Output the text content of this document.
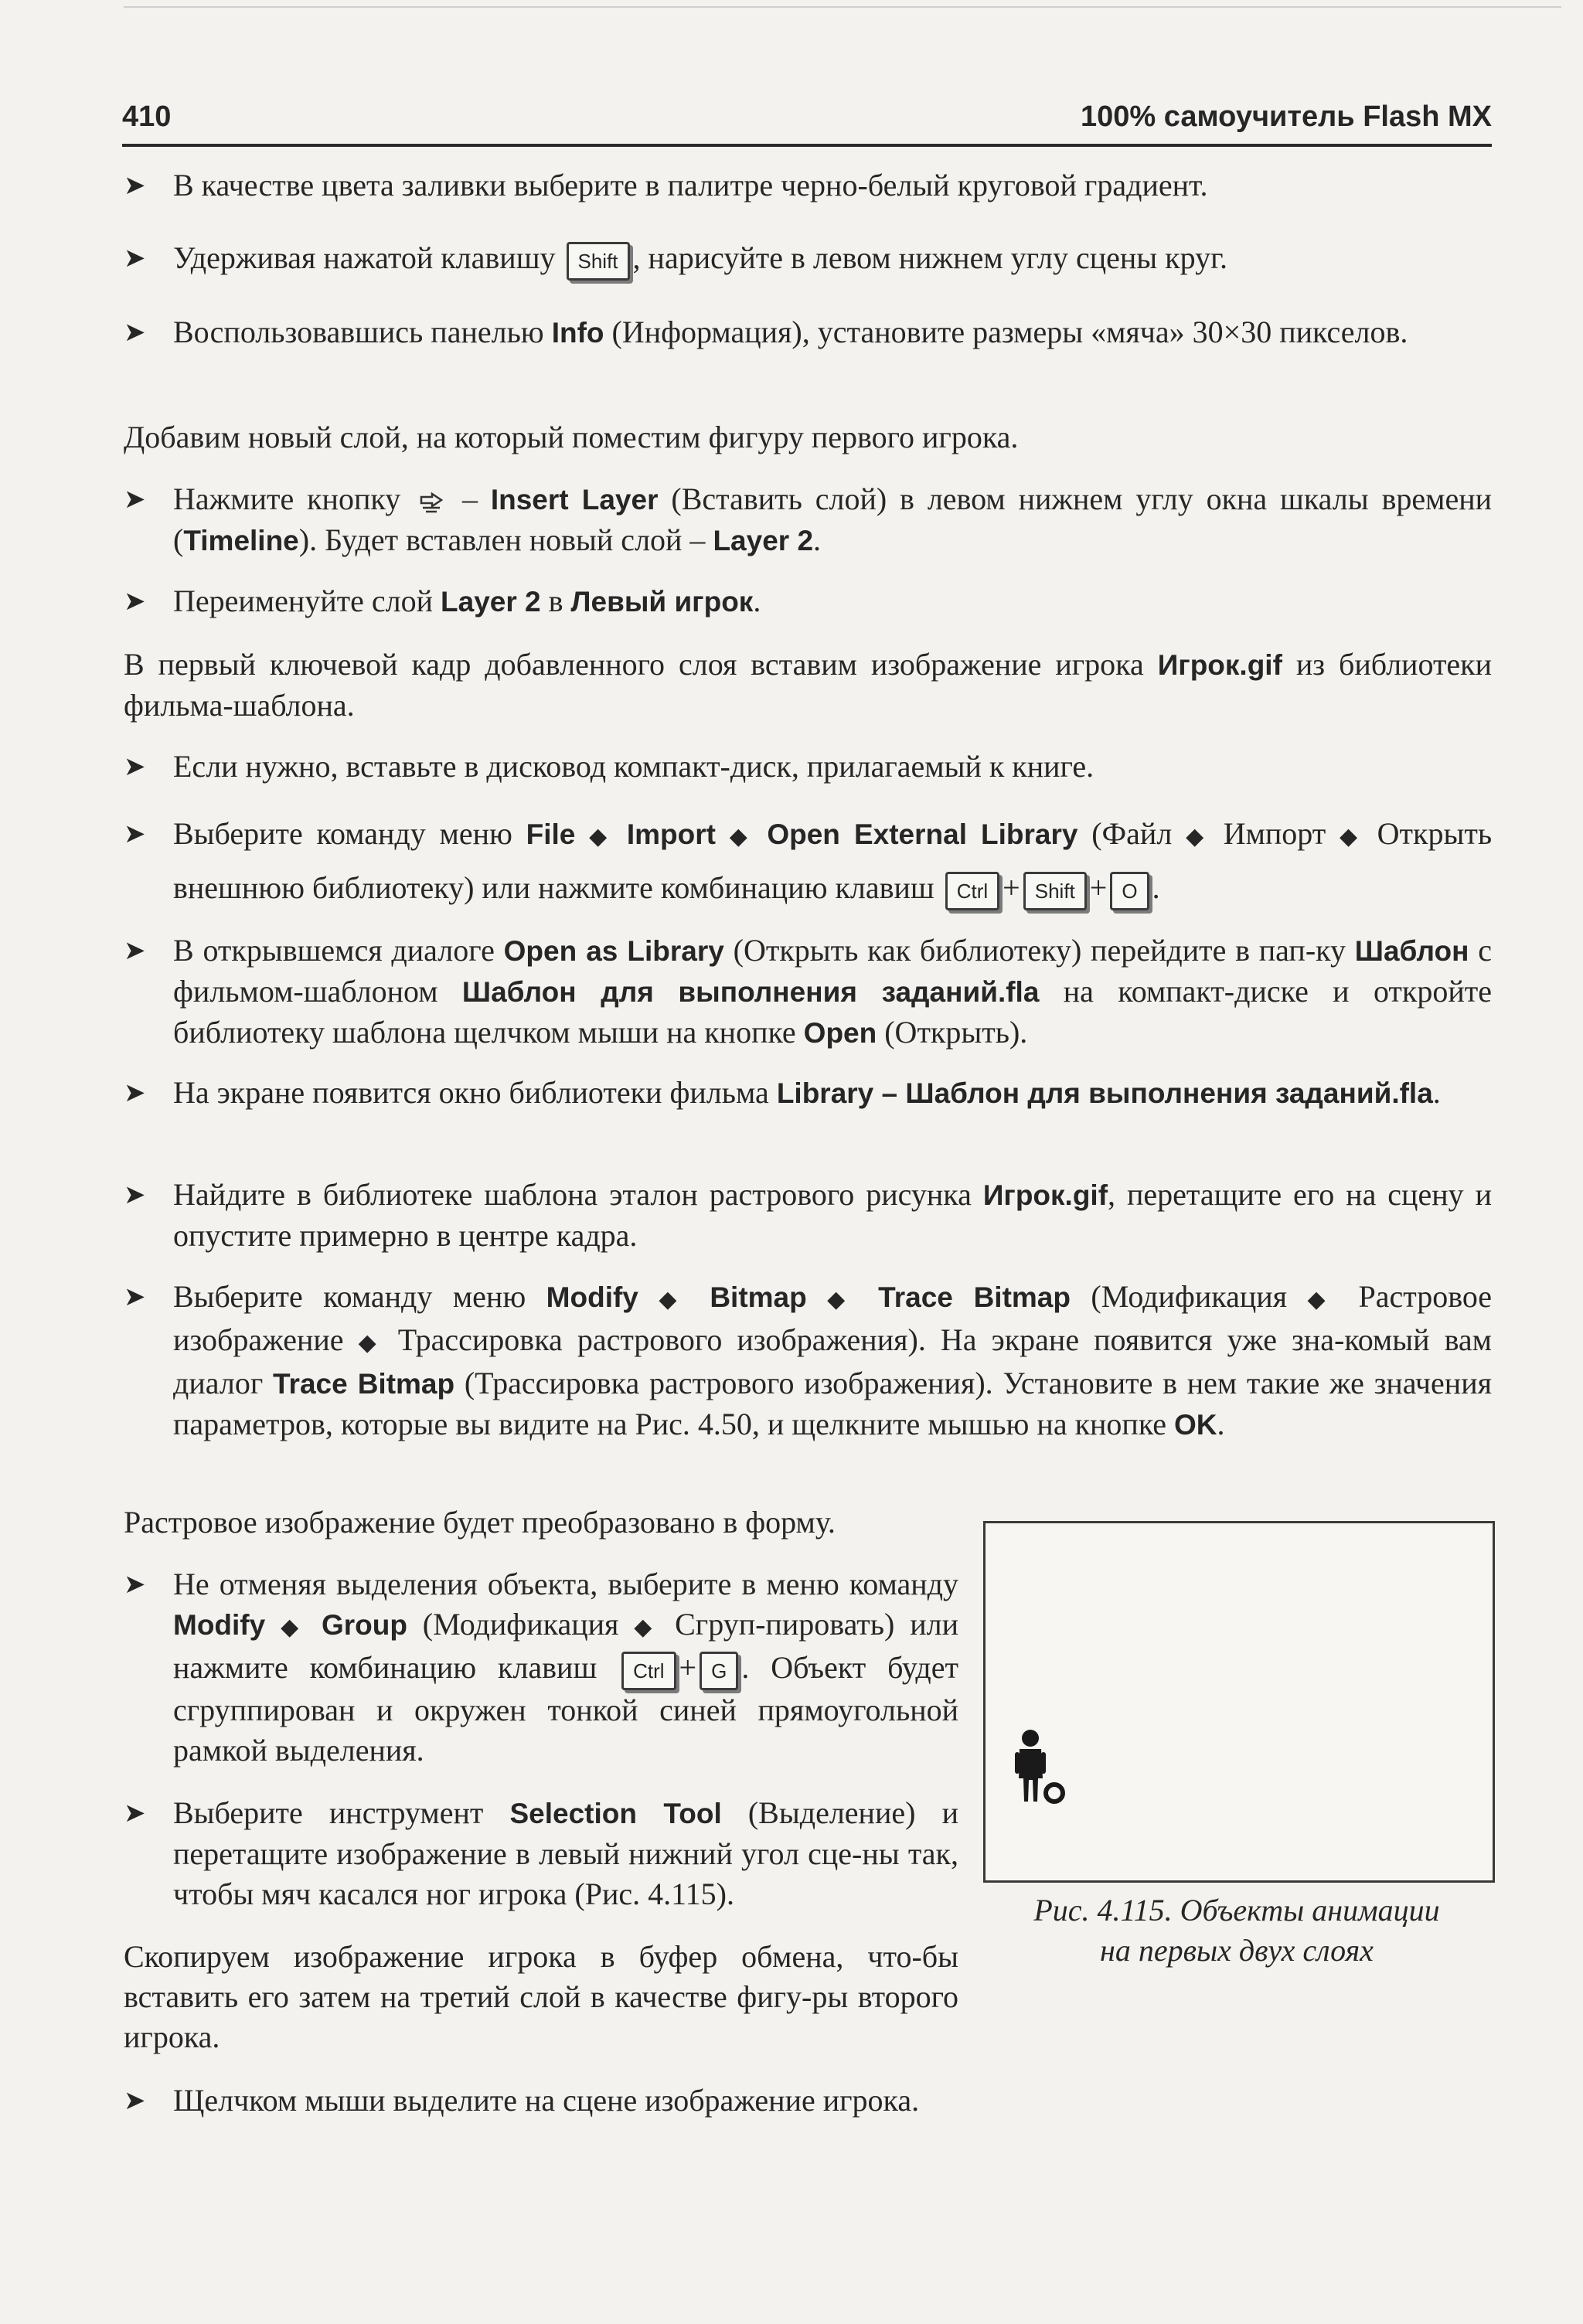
410	100% самоучитель Flash MX
➤ В качестве цвета заливки выберите в палитре черно-белый круговой градиент.
➤ Удерживая нажатой клавишу Shift , нарисуйте в левом нижнем углу сцены круг.
➤ Воспользовавшись панелью Info (Информация), установите размеры «мяча» 30×30 пикселов.
Добавим новый слой, на который поместим фигуру первого игрока.
➤ Нажмите кнопку – Insert Layer (Вставить слой) в левом нижнем углу окна шкалы времени (Timeline). Будет вставлен новый слой – Layer 2.
➤ Переименуйте слой Layer 2 в Левый игрок.
В первый ключевой кадр добавленного слоя вставим изображение игрока Игрок.gif из библиотеки фильма-шаблона.
➤ Если нужно, вставьте в дисковод компакт-диск, прилагаемый к книге.
➤ Выберите команду меню File ◆ Import ◆ Open External Library (Файл ◆ Импорт ◆ Открыть внешнюю библиотеку) или нажмите комбинацию клавиш Ctrl + Shift + O .
➤ В открывшемся диалоге Open as Library (Открыть как библиотеку) перейдите в пап-ку Шаблон с фильмом-шаблоном Шаблон для выполнения заданий.fla на компакт-диске и откройте библиотеку шаблона щелчком мыши на кнопке Open (Открыть).
➤ На экране появится окно библиотеки фильма Library – Шаблон для выполнения заданий.fla.
➤ Найдите в библиотеке шаблона эталон растрового рисунка Игрок.gif, перетащите его на сцену и опустите примерно в центре кадра.
➤ Выберите команду меню Modify ◆ Bitmap ◆ Trace Bitmap (Модификация ◆ Растровое изображение ◆ Трассировка растрового изображения). На экране появится уже зна-комый вам диалог Trace Bitmap (Трассировка растрового изображения). Установите в нем такие же значения параметров, которые вы видите на Рис. 4.50, и щелкните мышью на кнопке OK.
Растровое изображение будет преобразовано в форму.
➤ Не отменяя выделения объекта, выберите в меню команду Modify ◆ Group (Модификация ◆ Сгруп-пировать) или нажмите комбинацию клавиш Ctrl + G . Объект будет сгруппирован и окружен тонкой синей прямоугольной рамкой выделения.
➤ Выберите инструмент Selection Tool (Выделение) и перетащите изображение в левый нижний угол сце-ны так, чтобы мяч касался ног игрока (Рис. 4.115).
Скопируем изображение игрока в буфер обмена, что-бы вставить его затем на третий слой в качестве фигу-ры второго игрока.
➤ Щелчком мыши выделите на сцене изображение игрока.
Рис. 4.115. Объекты анимации
на первых двух слоях
